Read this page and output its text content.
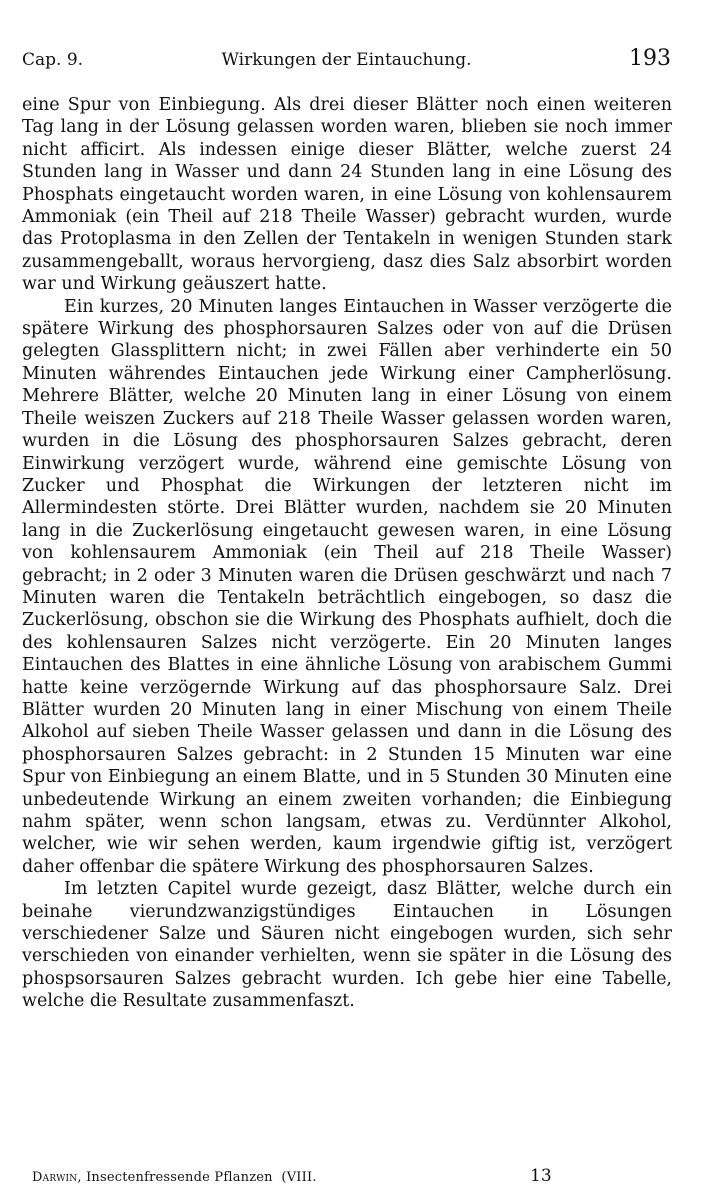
Cap. 9.	Wirkungen der Eintauchung.	193

eine Spur von Einbiegung. Als drei dieser Blätter noch einen weiteren Tag lang in der Lösung gelassen worden waren, blieben sie noch immer nicht afficirt. Als indessen einige dieser Blätter, welche zuerst 24 Stunden lang in Wasser und dann 24 Stunden lang in eine Lösung des Phosphats eingetaucht worden waren, in eine Lösung von kohlensaurem Ammoniak (ein Theil auf 218 Theile Wasser) gebracht wurden, wurde das Protoplasma in den Zellen der Tentakeln in wenigen Stunden stark zusammengeballt, woraus hervorgieng, dasz dies Salz absorbirt worden war und Wirkung geäuszert hatte.

Ein kurzes, 20 Minuten langes Eintauchen in Wasser verzögerte die spätere Wirkung des phosphorsauren Salzes oder von auf die Drüsen gelegten Glassplittern nicht; in zwei Fällen aber verhinderte ein 50 Minuten währendes Eintauchen jede Wirkung einer Campherlösung. Mehrere Blätter, welche 20 Minuten lang in einer Lösung von einem Theile weiszen Zuckers auf 218 Theile Wasser gelassen worden waren, wurden in die Lösung des phosphorsauren Salzes gebracht, deren Einwirkung verzögert wurde, während eine gemischte Lösung von Zucker und Phosphat die Wirkungen der letzteren nicht im Allermindesten störte. Drei Blätter wurden, nachdem sie 20 Minuten lang in die Zuckerlösung eingetaucht gewesen waren, in eine Lösung von kohlensaurem Ammoniak (ein Theil auf 218 Theile Wasser) gebracht; in 2 oder 3 Minuten waren die Drüsen geschwärzt und nach 7 Minuten waren die Tentakeln beträchtlich eingebogen, so dasz die Zuckerlösung, obschon sie die Wirkung des Phosphats aufhielt, doch die des kohlensauren Salzes nicht verzögerte. Ein 20 Minuten langes Eintauchen des Blattes in eine ähnliche Lösung von arabischem Gummi hatte keine verzögernde Wirkung auf das phosphorsaure Salz. Drei Blätter wurden 20 Minuten lang in einer Mischung von einem Theile Alkohol auf sieben Theile Wasser gelassen und dann in die Lösung des phosphorsauren Salzes gebracht: in 2 Stunden 15 Minuten war eine Spur von Einbiegung an einem Blatte, und in 5 Stunden 30 Minuten eine unbedeutende Wirkung an einem zweiten vorhanden; die Einbiegung nahm später, wenn schon langsam, etwas zu. Verdünnter Alkohol, welcher, wie wir sehen werden, kaum irgendwie giftig ist, verzögert daher offenbar die spätere Wirkung des phosphorsauren Salzes.

Im letzten Capitel wurde gezeigt, dasz Blätter, welche durch ein beinahe vierundzwanzigstündiges Eintauchen in Lösungen verschiedener Salze und Säuren nicht eingebogen wurden, sich sehr verschieden von einander verhielten, wenn sie später in die Lösung des phospsorsauren Salzes gebracht wurden. Ich gebe hier eine Tabelle, welche die Resultate zusammenfaszt.

Darwin, Insectenfressende Pflanzen (VIII.	13
